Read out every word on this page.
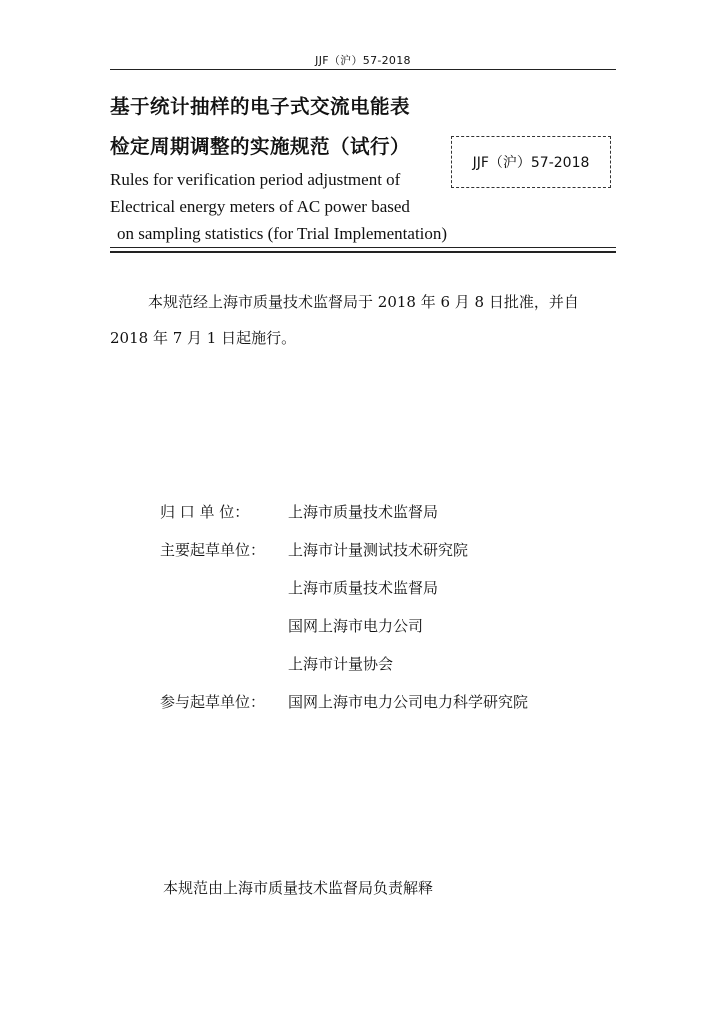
JJF（沪）57-2018
基于统计抽样的电子式交流电能表
检定周期调整的实施规范（试行）
JJF（沪）57-2018
Rules for verification period adjustment of
Electrical energy meters of AC power based
on sampling statistics (for Trial Implementation)
本规范经上海市质量技术监督局于 2018 年 6 月 8 日批准，并自
2018 年 7 月 1 日起施行。
归 口 单 位：	上海市质量技术监督局
主要起草单位：	上海市计量测试技术研究院
上海市质量技术监督局
国网上海市电力公司
上海市计量协会
参与起草单位：	国网上海市电力公司电力科学研究院
本规范由上海市质量技术监督局负责解释
